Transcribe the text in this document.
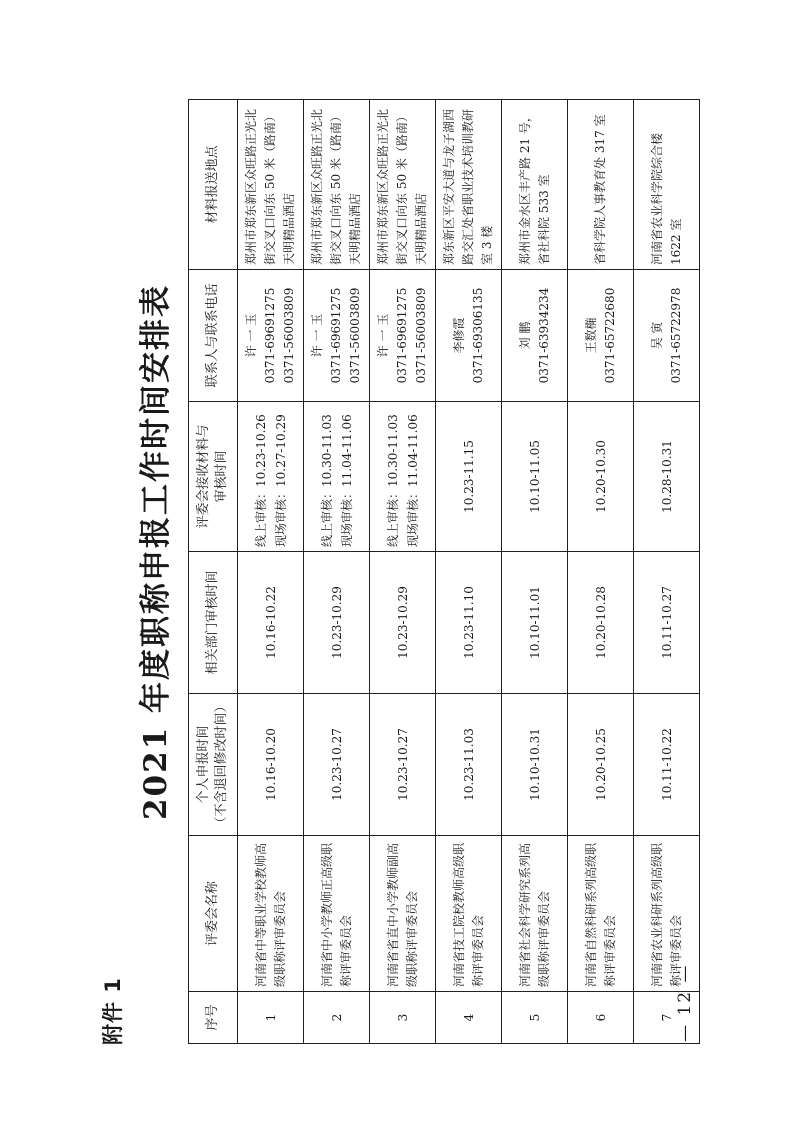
— 12 —
附件 1
2021 年度职称申报工作时间安排表
序号	评委会名称	个人申报时间 （不含退回修改时间）	相关部门审核时间	评委会接收材料与 审核时间	联系人与联系电话	材料报送地点
1	河南省中等职业学校教师高级职称评审委员会	10.16-10.20	10.16-10.22	线上审核：10.23-10.26 现场审核：10.27-10.29	许 一 玉 0371-69691275 0371-56003809	郑州市郑东新区众旺路正光北街交叉口向东 50 米（路南）天明精品酒店
2	河南省中小学教师正高级职称评审委员会	10.23-10.27	10.23-10.29	线上审核：10.30-11.03 现场审核：11.04-11.06	许 一 玉 0371-69691275 0371-56003809	郑州市郑东新区众旺路正光北街交叉口向东 50 米（路南）天明精品酒店
3	河南省省直中小学教师副高级职称评审委员会	10.23-10.27	10.23-10.29	线上审核：10.30-11.03 现场审核：11.04-11.06	许 一 玉 0371-69691275 0371-56003809	郑州市郑东新区众旺路正光北街交叉口向东 50 米（路南）天明精品酒店
4	河南省技工院校教师高级职称评审委员会	10.23-11.03	10.23-11.10	10.23-11.15	李修霞 0371-69306135	郑东新区平安大道与龙子湖西路交汇处省职业技术培训教研室 3 楼
5	河南省社会科学研究系列高级职称评审委员会	10.10-10.31	10.10-11.01	10.10-11.05	刘 鹏 0371-63934234	郑州市金水区丰产路 21 号，省社科院 533 室
6	河南省自然科研系列高级职称评审委员会	10.20-10.25	10.20-10.28	10.20-10.30	王数椭 0371-65722680	省科学院人事教育处 317 室
7	河南省农业科研系列高级职称评审委员会	10.11-10.22	10.11-10.27	10.28-10.31	吴 寅 0371-65722978	河南省农业科学院综合楼 1622 室
